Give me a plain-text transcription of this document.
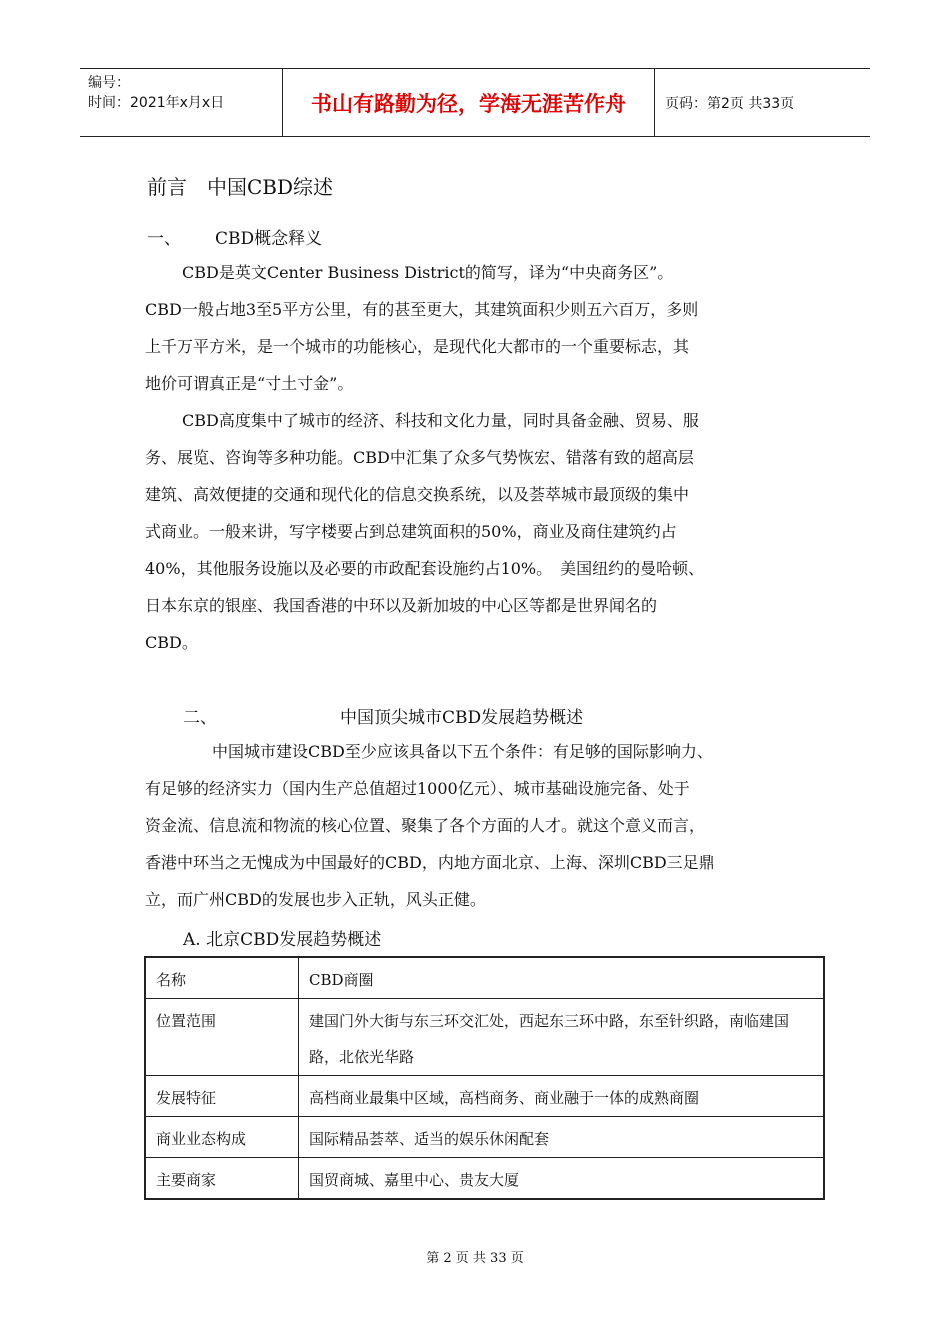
编号：
时间：2021年x月x日	书山有路勤为径，学海无涯苦作舟	页码：第2页 共33页
前言　中国CBD综述
一、 CBD概念释义
CBD是英文Center Business District的简写，译为“中央商务区”。
CBD一般占地3至5平方公里，有的甚至更大，其建筑面积少则五六百万，多则
上千万平方米，是一个城市的功能核心，是现代化大都市的一个重要标志，其
地价可谓真正是“寸土寸金”。
CBD高度集中了城市的经济、科技和文化力量，同时具备金融、贸易、服
务、展览、咨询等多种功能。CBD中汇集了众多气势恢宏、错落有致的超高层
建筑、高效便捷的交通和现代化的信息交换系统，以及荟萃城市最顶级的集中
式商业。一般来讲，写字楼要占到总建筑面积的50%，商业及商住建筑约占
40%，其他服务设施以及必要的市政配套设施约占10%。　美国纽约的曼哈顿、
日本东京的银座、我国香港的中环以及新加坡的中心区等都是世界闻名的
CBD。
二、	中国顶尖城市CBD发展趋势概述
中国城市建设CBD至少应该具备以下五个条件：有足够的国际影响力、
有足够的经济实力（国内生产总值超过1000亿元）、城市基础设施完备、处于
资金流、信息流和物流的核心位置、聚集了各个方面的人才。就这个意义而言，
香港中环当之无愧成为中国最好的CBD，内地方面北京、上海、深圳CBD三足鼎
立，而广州CBD的发展也步入正轨，风头正健。
A. 北京CBD发展趋势概述
名称	CBD商圈
位置范围	建国门外大街与东三环交汇处，西起东三环中路，东至针织路，南临建国路，北依光华路
发展特征	高档商业最集中区域，高档商务、商业融于一体的成熟商圈
商业业态构成	国际精品荟萃、适当的娱乐休闲配套
主要商家	国贸商城、嘉里中心、贵友大厦
第 2 页 共 33 页
